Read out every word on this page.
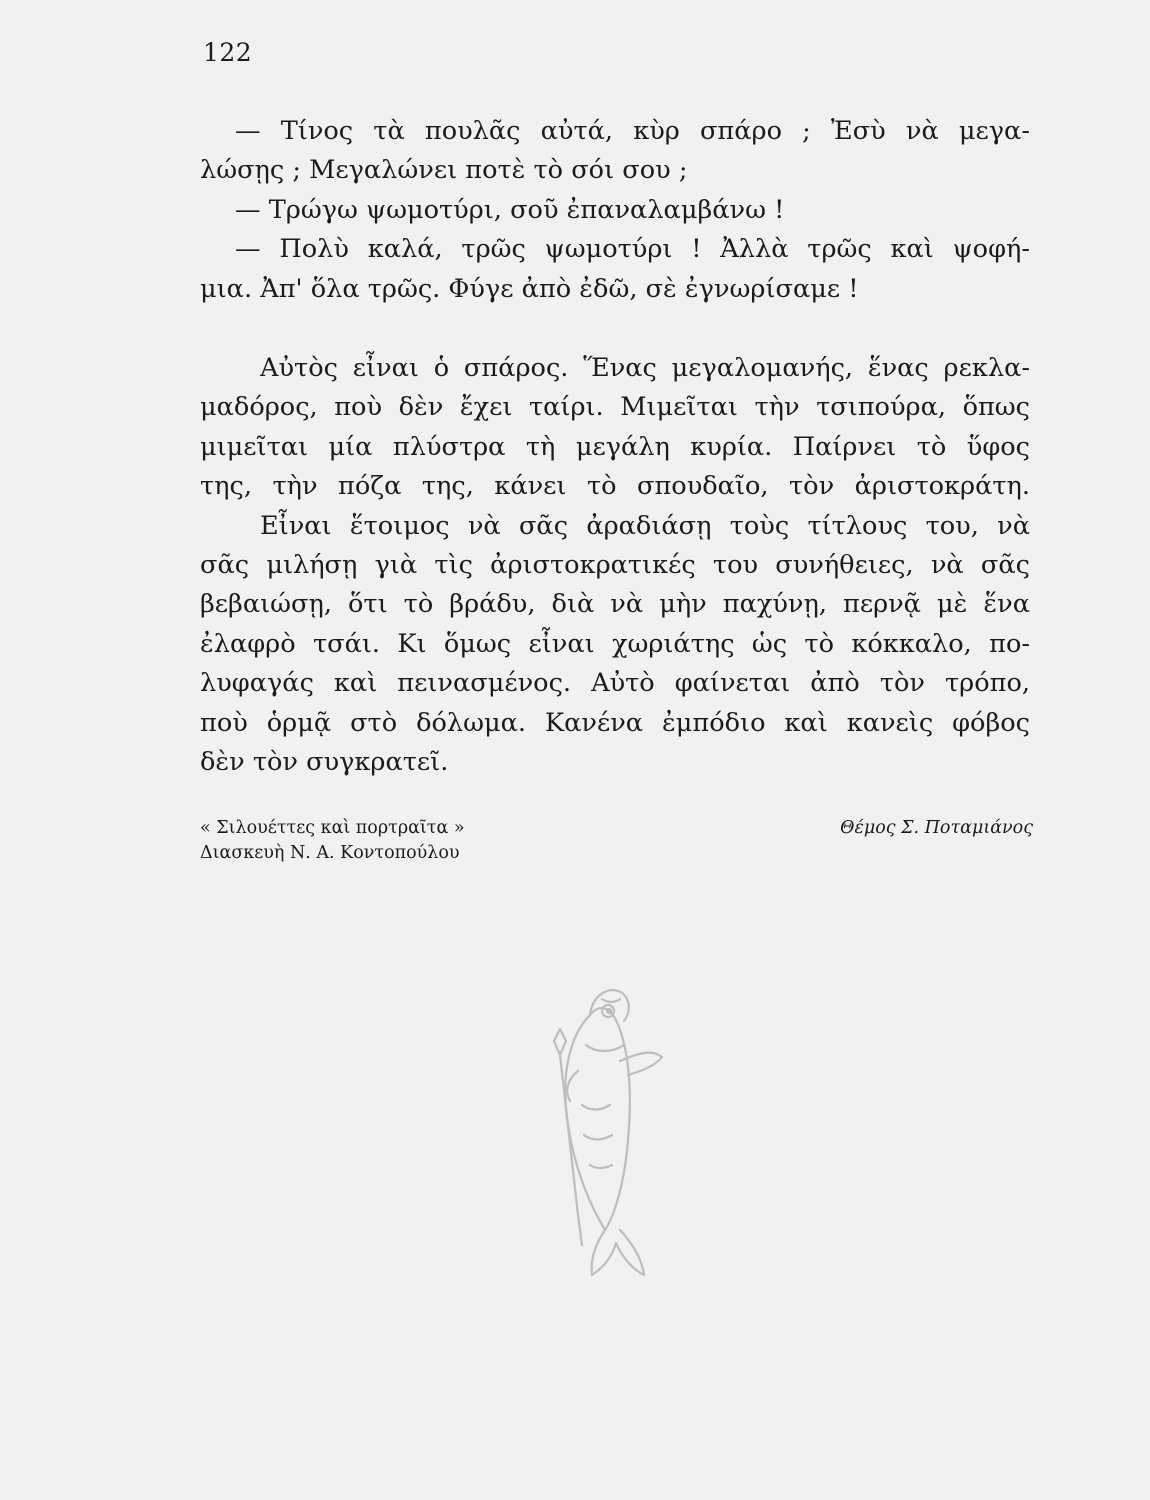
122
— Τίνος τὰ πουλᾶς αὐτά, κὺρ σπάρο ; Ἐσὺ νὰ μεγα-
λώσῃς ; Μεγαλώνει ποτὲ τὸ σόι σου ;
— Τρώγω ψωμοτύρι, σοῦ ἐπαναλαμβάνω !
— Πολὺ καλά, τρῶς ψωμοτύρι ! Ἀλλὰ τρῶς καὶ ψοφή-
μια. Ἀπ' ὅλα τρῶς. Φύγε ἀπὸ ἐδῶ, σὲ ἐγνωρίσαμε !
Αὐτὸς εἶναι ὁ σπάρος. Ἕνας μεγαλομανής, ἕνας ρεκλα-
μαδόρος, ποὺ δὲν ἔχει ταίρι. Μιμεῖται τὴν τσιπούρα, ὅπως
μιμεῖται μία πλύστρα τὴ μεγάλη κυρία. Παίρνει τὸ ὕφος
της, τὴν πόζα της, κάνει τὸ σπουδαῖο, τὸν ἀριστοκράτη.
Εἶναι ἕτοιμος νὰ σᾶς ἀραδιάσῃ τοὺς τίτλους του, νὰ
σᾶς μιλήσῃ γιὰ τὶς ἀριστοκρατικές του συνήθειες, νὰ σᾶς
βεβαιώσῃ, ὅτι τὸ βράδυ, διὰ νὰ μὴν παχύνῃ, περνᾷ μὲ ἕνα
ἐλαφρὸ τσάι. Κι ὅμως εἶναι χωριάτης ὡς τὸ κόκκαλο, πο-
λυφαγάς καὶ πεινασμένος. Αὐτὸ φαίνεται ἀπὸ τὸν τρόπο,
ποὺ ὁρμᾷ στὸ δόλωμα. Κανένα ἐμπόδιο καὶ κανεὶς φόβος
δὲν τὸν συγκρατεῖ.
« Σιλουέττες καὶ πορτραῖτα »
Διασκευὴ Ν. Α. Κοντοπούλου
Θέμος Σ. Ποταμιάνος
